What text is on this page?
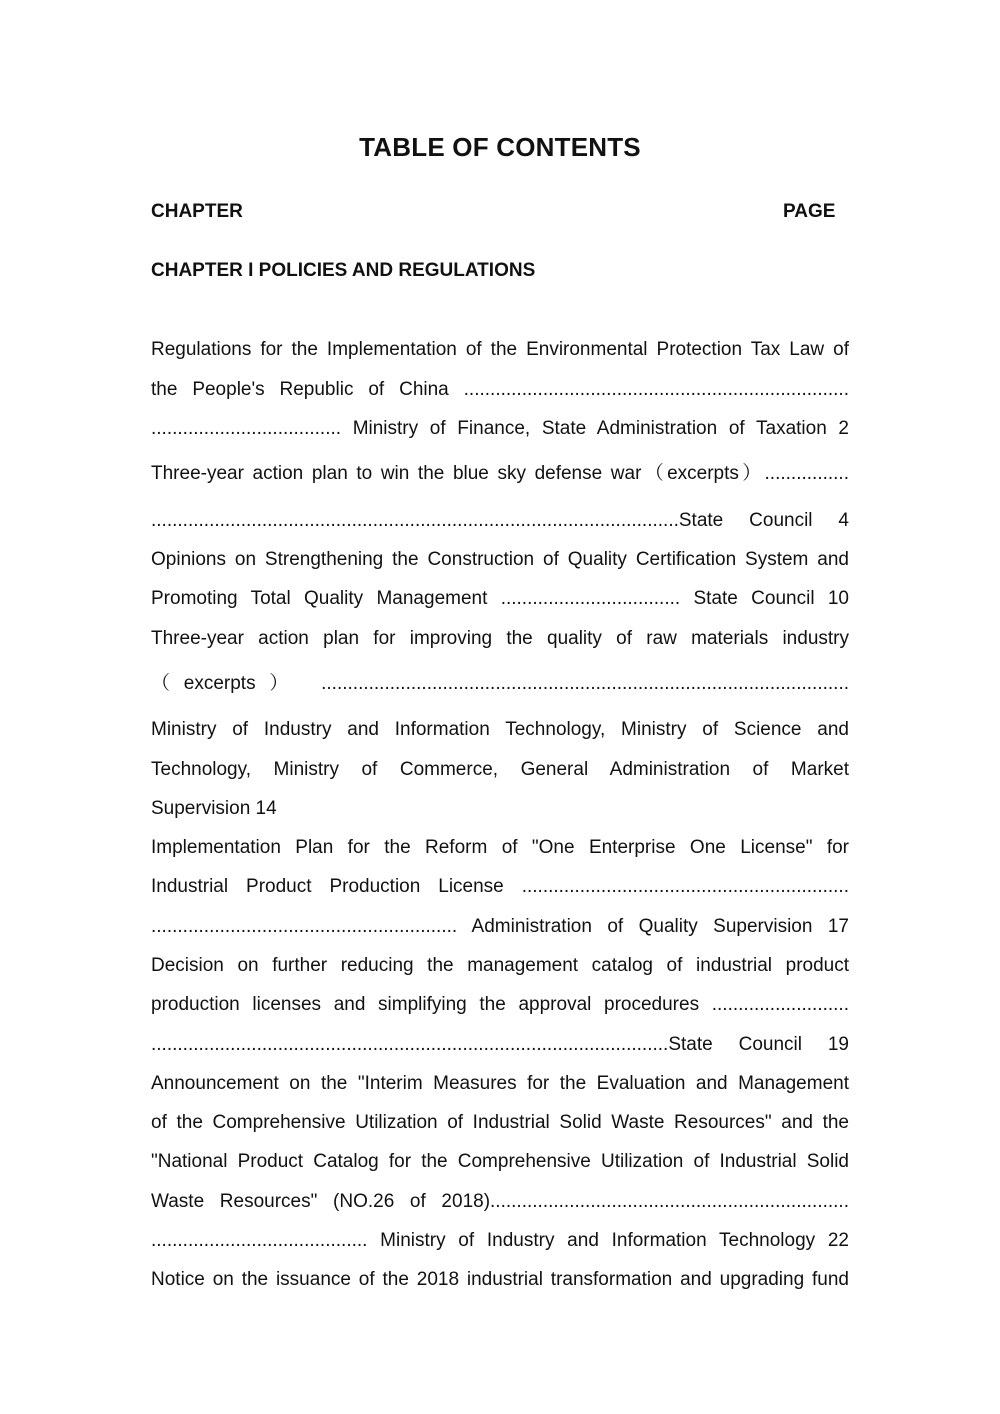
TABLE OF CONTENTS
CHAPTER	PAGE
CHAPTER I POLICIES AND REGULATIONS
Regulations for the Implementation of the Environmental Protection Tax Law of
the People's Republic of China .........................................................................
.................................... Ministry of Finance, State Administration of Taxation 2
Three-year action plan to win the blue sky defense war（excerpts）................
....................................................................................................State Council 4
Opinions on Strengthening the Construction of Quality Certification System and
Promoting Total Quality Management .................................. State Council 10
Three-year action plan for improving the quality of raw materials industry
（excerpts） ....................................................................................................
Ministry of Industry and Information Technology, Ministry of Science and
Technology, Ministry of Commerce, General Administration of Market
Supervision 14
Implementation Plan for the Reform of "One Enterprise One License" for
Industrial Product Production License ..............................................................
.......................................................... Administration of Quality Supervision 17
Decision on further reducing the management catalog of industrial product
production licenses and simplifying the approval procedures ..........................
..................................................................................................State Council 19
Announcement on the "Interim Measures for the Evaluation and Management
of the Comprehensive Utilization of Industrial Solid Waste Resources" and the
"National Product Catalog for the Comprehensive Utilization of Industrial Solid
Waste Resources" (NO.26 of 2018)....................................................................
......................................... Ministry of Industry and Information Technology 22
Notice on the issuance of the 2018 industrial transformation and upgrading fund
